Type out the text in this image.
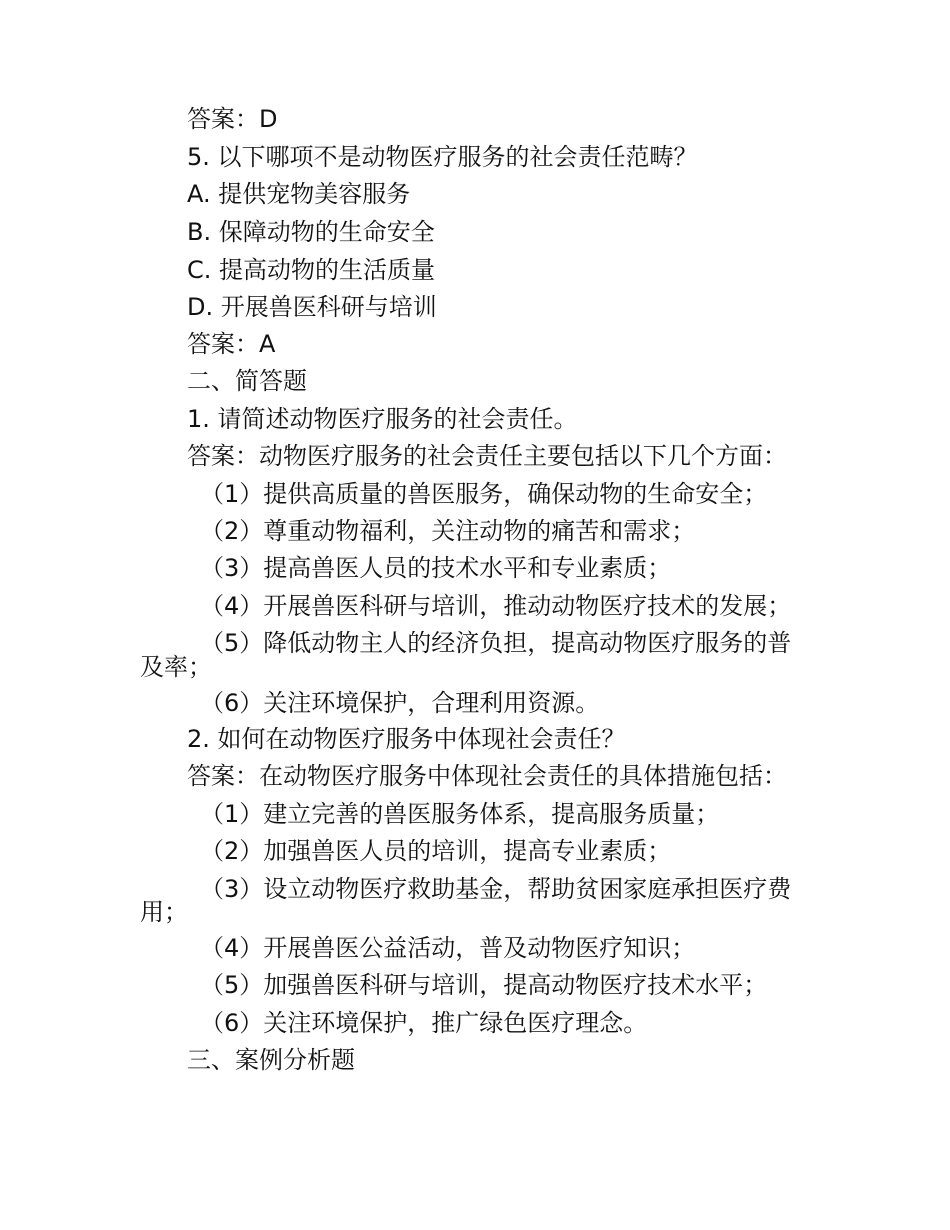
答案：D
5. 以下哪项不是动物医疗服务的社会责任范畴？
A. 提供宠物美容服务
B. 保障动物的生命安全
C. 提高动物的生活质量
D. 开展兽医科研与培训
答案：A
二、简答题
1. 请简述动物医疗服务的社会责任。
答案：动物医疗服务的社会责任主要包括以下几个方面：
（1）提供高质量的兽医服务，确保动物的生命安全；
（2）尊重动物福利，关注动物的痛苦和需求；
（3）提高兽医人员的技术水平和专业素质；
（4）开展兽医科研与培训，推动动物医疗技术的发展；
（5）降低动物主人的经济负担，提高动物医疗服务的普
及率；
（6）关注环境保护，合理利用资源。
2. 如何在动物医疗服务中体现社会责任？
答案：在动物医疗服务中体现社会责任的具体措施包括：
（1）建立完善的兽医服务体系，提高服务质量；
（2）加强兽医人员的培训，提高专业素质；
（3）设立动物医疗救助基金，帮助贫困家庭承担医疗费
用；
（4）开展兽医公益活动，普及动物医疗知识；
（5）加强兽医科研与培训，提高动物医疗技术水平；
（6）关注环境保护，推广绿色医疗理念。
三、案例分析题
